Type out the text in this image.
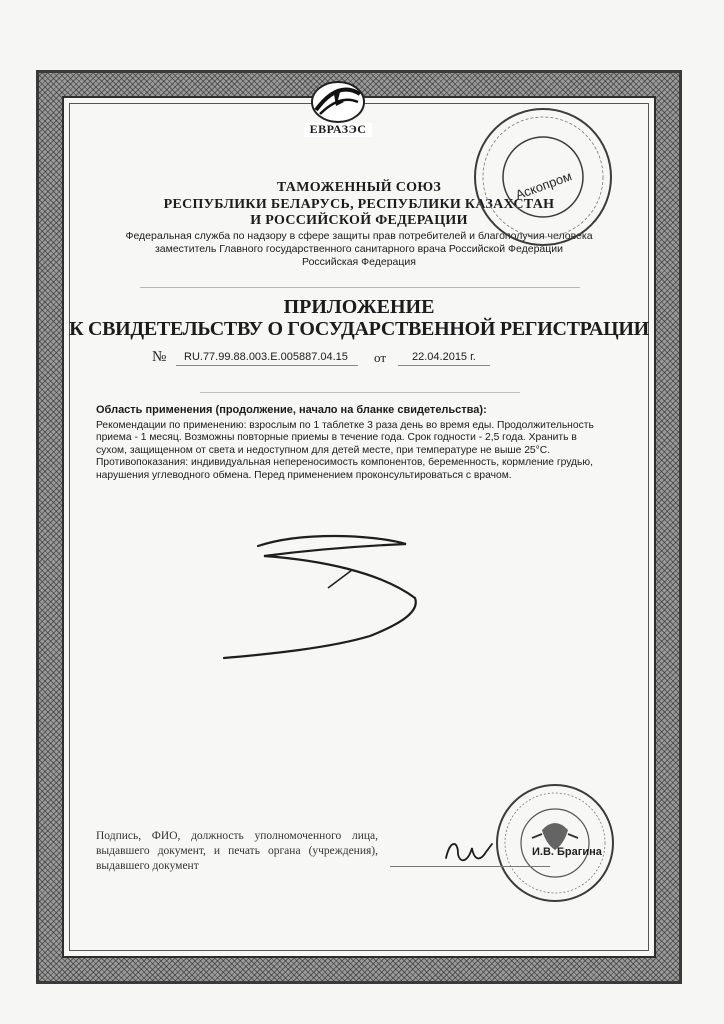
ЕВРАЗЭС
ТАМОЖЕННЫЙ СОЮЗ
РЕСПУБЛИКИ БЕЛАРУСЬ, РЕСПУБЛИКИ КАЗАХСТАН
И РОССИЙСКОЙ ФЕДЕРАЦИИ
Федеральная служба по надзору в сфере защиты прав потребителей и благополучия человека
заместитель Главного государственного санитарного врача Российской Федерации
Российская Федерация
ПРИЛОЖЕНИЕ
К СВИДЕТЕЛЬСТВУ О ГОСУДАРСТВЕННОЙ РЕГИСТРАЦИИ
№ RU.77.99.88.003.E.005887.04.15 от 22.04.2015 г.
Область применения (продолжение, начало на бланке свидетельства):
Рекомендации по применению: взрослым по 1 таблетке 3 раза день во время еды. Продолжительность приема - 1 месяц. Возможны повторные приемы в течение года. Срок годности - 2,5 года. Хранить в сухом, защищенном от света и недоступном для детей месте, при температуре не выше 25°С. Противопоказания: индивидуальная непереносимость компонентов, беременность, кормление грудью, нарушения углеводного обмена. Перед применением проконсультироваться с врачом.
Аскопром
Подпись, ФИО, должность уполномоченного лица, выдавшего документ, и печать органа (учреждения), выдавшего документ
И.В. Брагина
